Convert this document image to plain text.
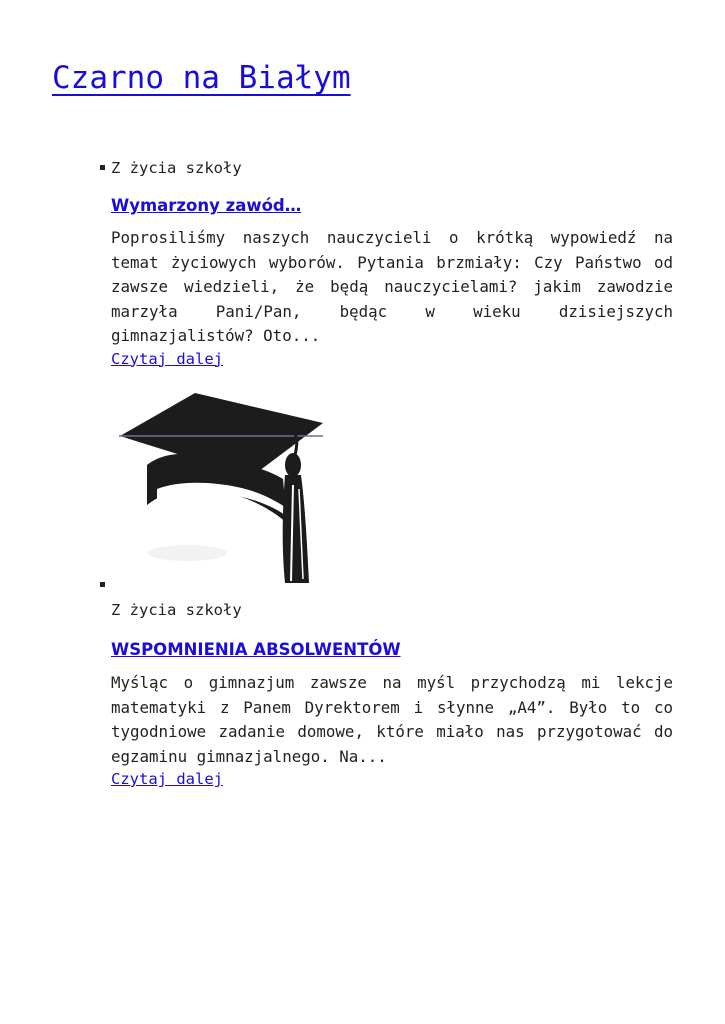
Czarno na Białym
Z życia szkoły
Wymarzony zawód…

Poprosiliśmy naszych nauczycieli o krótką wypowiedź na temat życiowych wyborów. Pytania brzmiały: Czy Państwo od zawsze wiedzieli, że będą nauczycielami? jakim zawodzie marzyła Pani/Pan, będąc w wieku dzisiejszych gimnazjalistów? Oto...

Czytaj dalej
Z życia szkoły
WSPOMNIENIA ABSOLWENTÓW

Myśląc o gimnazjum zawsze na myśl przychodzą mi lekcje matematyki z Panem Dyrektorem i słynne „A4”. Było to co tygodniowe zadanie domowe, które miało nas przygotować do egzaminu gimnazjalnego. Na...

Czytaj dalej
